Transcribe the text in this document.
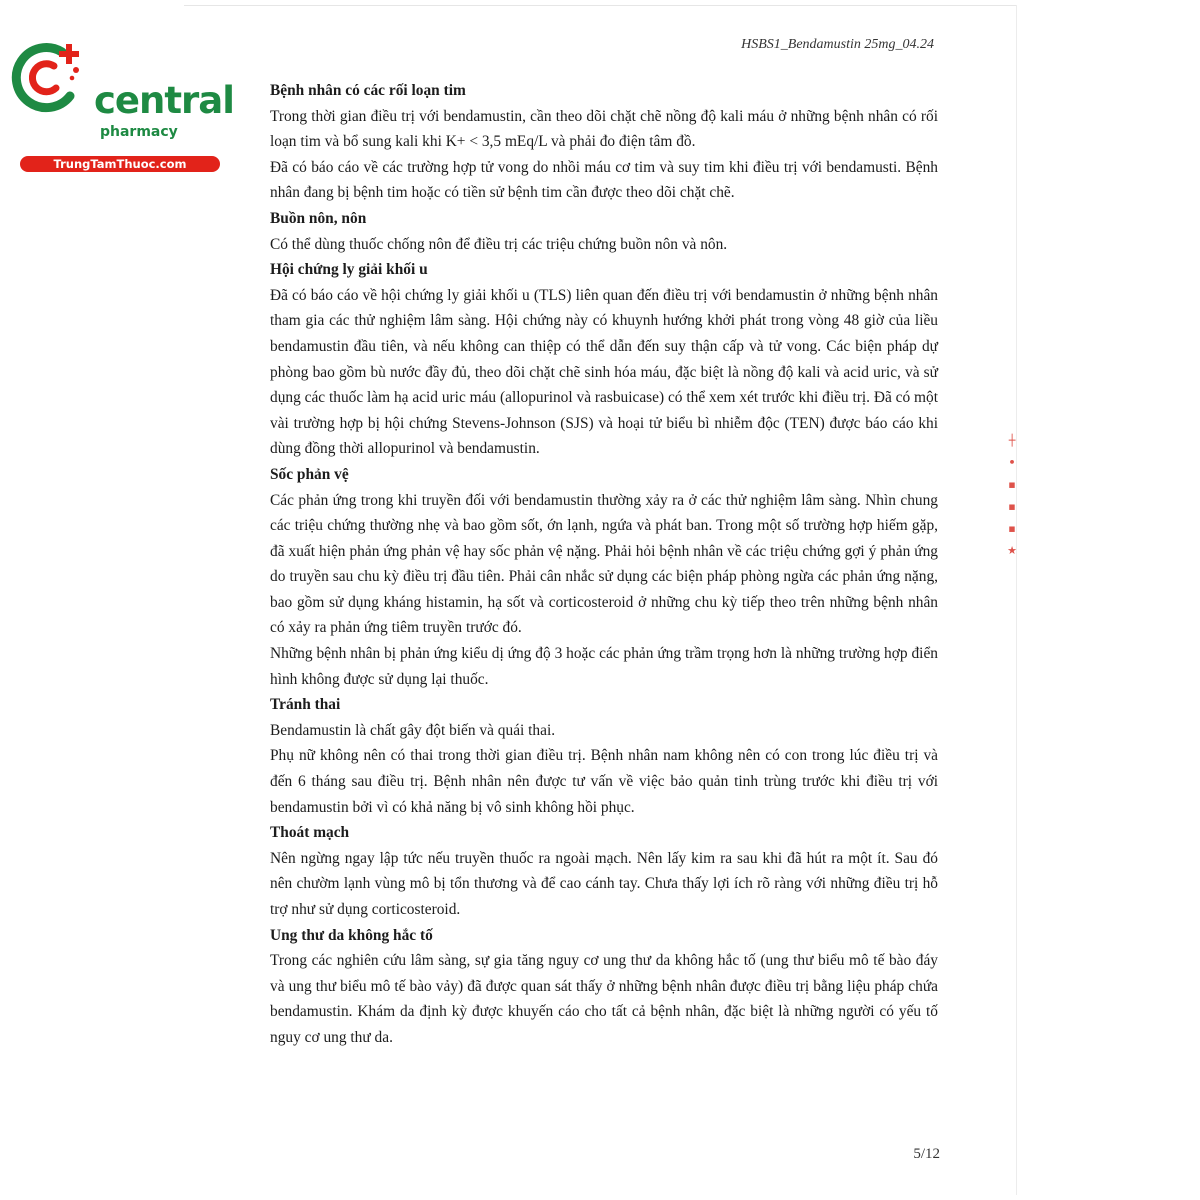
central
pharmacy
TrungTamThuoc.com
HSBS1_Bendamustin 25mg_04.24
Bệnh nhân có các rối loạn tim

Trong thời gian điều trị với bendamustin, cần theo dõi chặt chẽ nồng độ kali máu ở những bệnh nhân có rối loạn tim và bổ sung kali khi K+ < 3,5 mEq/L và phải đo điện tâm đồ.

Đã có báo cáo về các trường hợp tử vong do nhồi máu cơ tim và suy tim khi điều trị với bendamusti. Bệnh nhân đang bị bệnh tim hoặc có tiền sử bệnh tim cần được theo dõi chặt chẽ.

Buồn nôn, nôn

Có thể dùng thuốc chống nôn để điều trị các triệu chứng buồn nôn và nôn.

Hội chứng ly giải khối u

Đã có báo cáo về hội chứng ly giải khối u (TLS) liên quan đến điều trị với bendamustin ở những bệnh nhân tham gia các thử nghiệm lâm sàng. Hội chứng này có khuynh hướng khởi phát trong vòng 48 giờ của liều bendamustin đầu tiên, và nếu không can thiệp có thể dẫn đến suy thận cấp và tử vong. Các biện pháp dự phòng bao gồm bù nước đầy đủ, theo dõi chặt chẽ sinh hóa máu, đặc biệt là nồng độ kali và acid uric, và sử dụng các thuốc làm hạ acid uric máu (allopurinol và rasbuicase) có thể xem xét trước khi điều trị. Đã có một vài trường hợp bị hội chứng Stevens-Johnson (SJS) và hoại tử biểu bì nhiễm độc (TEN) được báo cáo khi dùng đồng thời allopurinol và bendamustin.

Sốc phản vệ

Các phản ứng trong khi truyền đối với bendamustin thường xảy ra ở các thử nghiệm lâm sàng. Nhìn chung các triệu chứng thường nhẹ và bao gồm sốt, ớn lạnh, ngứa và phát ban. Trong một số trường hợp hiếm gặp, đã xuất hiện phản ứng phản vệ hay sốc phản vệ nặng. Phải hỏi bệnh nhân về các triệu chứng gợi ý phản ứng do truyền sau chu kỳ điều trị đầu tiên. Phải cân nhắc sử dụng các biện pháp phòng ngừa các phản ứng nặng, bao gồm sử dụng kháng histamin, hạ sốt và corticosteroid ở những chu kỳ tiếp theo trên những bệnh nhân có xảy ra phản ứng tiêm truyền trước đó.

Những bệnh nhân bị phản ứng kiểu dị ứng độ 3 hoặc các phản ứng trầm trọng hơn là những trường hợp điển hình không được sử dụng lại thuốc.

Tránh thai

Bendamustin là chất gây đột biến và quái thai.

Phụ nữ không nên có thai trong thời gian điều trị. Bệnh nhân nam không nên có con trong lúc điều trị và đến 6 tháng sau điều trị. Bệnh nhân nên được tư vấn về việc bảo quản tinh trùng trước khi điều trị với bendamustin bởi vì có khả năng bị vô sinh không hồi phục.

Thoát mạch

Nên ngừng ngay lập tức nếu truyền thuốc ra ngoài mạch. Nên lấy kim ra sau khi đã hút ra một ít. Sau đó nên chườm lạnh vùng mô bị tổn thương và để cao cánh tay. Chưa thấy lợi ích rõ ràng với những điều trị hỗ trợ như sử dụng corticosteroid.

Ung thư da không hắc tố

Trong các nghiên cứu lâm sàng, sự gia tăng nguy cơ ung thư da không hắc tố (ung thư biểu mô tế bào đáy và ung thư biểu mô tế bào vảy) đã được quan sát thấy ở những bệnh nhân được điều trị bằng liệu pháp chứa bendamustin. Khám da định kỳ được khuyến cáo cho tất cả bệnh nhân, đặc biệt là những người có yếu tố nguy cơ ung thư da.

┼
•
▪
▪
▪
★
5/12
